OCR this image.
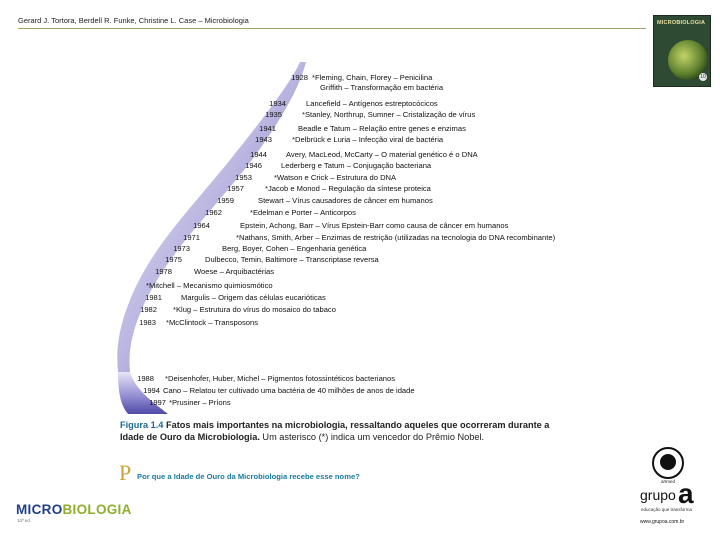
Gerard J. Tortora, Berdell R. Funke, Christine L. Case – Microbiologia	MICROBIOLOGIA
10
1928 *Fleming, Chain, Florey – Penicilina
Griffith – Transformação em bactéria
1934	Lancefield – Antígenos estreptocócicos
1935	*Stanley, Northrup, Sumner – Cristalização de vírus
1941	Beadle e Tatum – Relação entre genes e enzimas
1943	*Delbrück e Luria – Infecção viral de bactéria
1944	Avery, MacLeod, McCarty – O material genético é o DNA
1946	Lederberg e Tatum – Conjugação bacteriana
1953	*Watson e Crick – Estrutura do DNA
1957	*Jacob e Monod – Regulação da síntese proteica
1959	Stewart – Vírus causadores de câncer em humanos
1962	*Edelman e Porter – Anticorpos
1964	Epstein, Achong, Barr – Vírus Epstein-Barr como causa de câncer em humanos
1971	*Nathans, Smith, Arber – Enzimas de restrição (utilizadas na tecnologia do DNA recombinante)
1973	Berg, Boyer, Cohen – Engenharia genética
1975	Dulbecco, Temin, Baltimore – Transcriptase reversa
1978	Woese – Arquibactérias
*Mitchell – Mecanismo quimiosmótico
1981	Margulis – Origem das células eucarióticas
1982 *Klug – Estrutura do vírus do mosaico do tabaco
1983 *McClintock – Transposons
1988 *Deisenhofer, Huber, Michel – Pigmentos fotossintéticos bacterianos
1994 Cano – Relatou ter cultivado uma bactéria de 40 milhões de anos de idade
1997 *Prusiner – Príons
Figura 1.4 Fatos mais importantes na microbiologia, ressaltando aqueles que ocorreram durante a Idade de Ouro da Microbiologia. Um asterisco (*) indica um vencedor do Prêmio Nobel.
P Por que a Idade de Ouro da Microbiologia recebe esse nome?
MICROBIOLOGIA
10ª ed.
artmed
grupo a
educação que transforma
www.grupoa.com.br
